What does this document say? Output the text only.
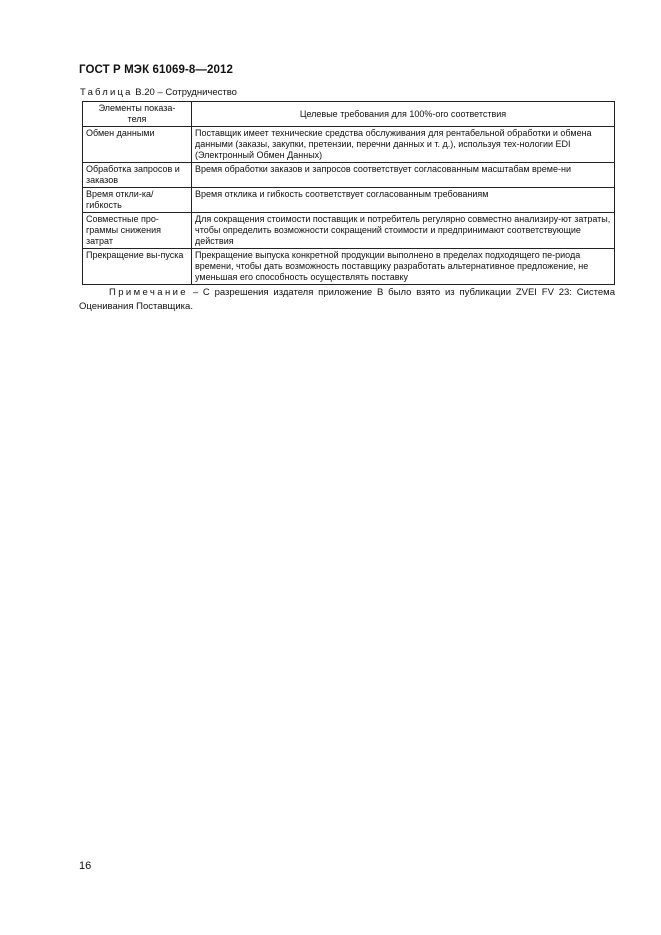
ГОСТ Р МЭК 61069-8—2012
Таблица B.20 – Сотрудничество
Элементы показа-теля	Целевые требования для 100%-ого соответствия
Обмен данными	Поставщик имеет технические средства обслуживания для рентабельной обработки и обмена данными (заказы, закупки, претензии, перечни данных и т. д.), используя тех-нологии EDI (Электронный Обмен Данных)
Обработка запросов и заказов	Время обработки заказов и запросов соответствует согласованным масштабам време-ни
Время откли-ка/гибкость	Время отклика и гибкость соответствует согласованным требованиям
Совместные про-граммы снижения затрат	Для сокращения стоимости поставщик и потребитель регулярно совместно анализиру-ют затраты, чтобы определить возможности сокращений стоимости и предпринимают соответствующие действия
Прекращение вы-пуска	Прекращение выпуска конкретной продукции выполнено в пределах подходящего пе-риода времени, чтобы дать возможность поставщику разработать альтернативное предложение, не уменьшая его способность осуществлять поставку
Примечание – С разрешения издателя приложение B было взято из публикации ZVEI FV 23: Система Оценивания Поставщика.
16
